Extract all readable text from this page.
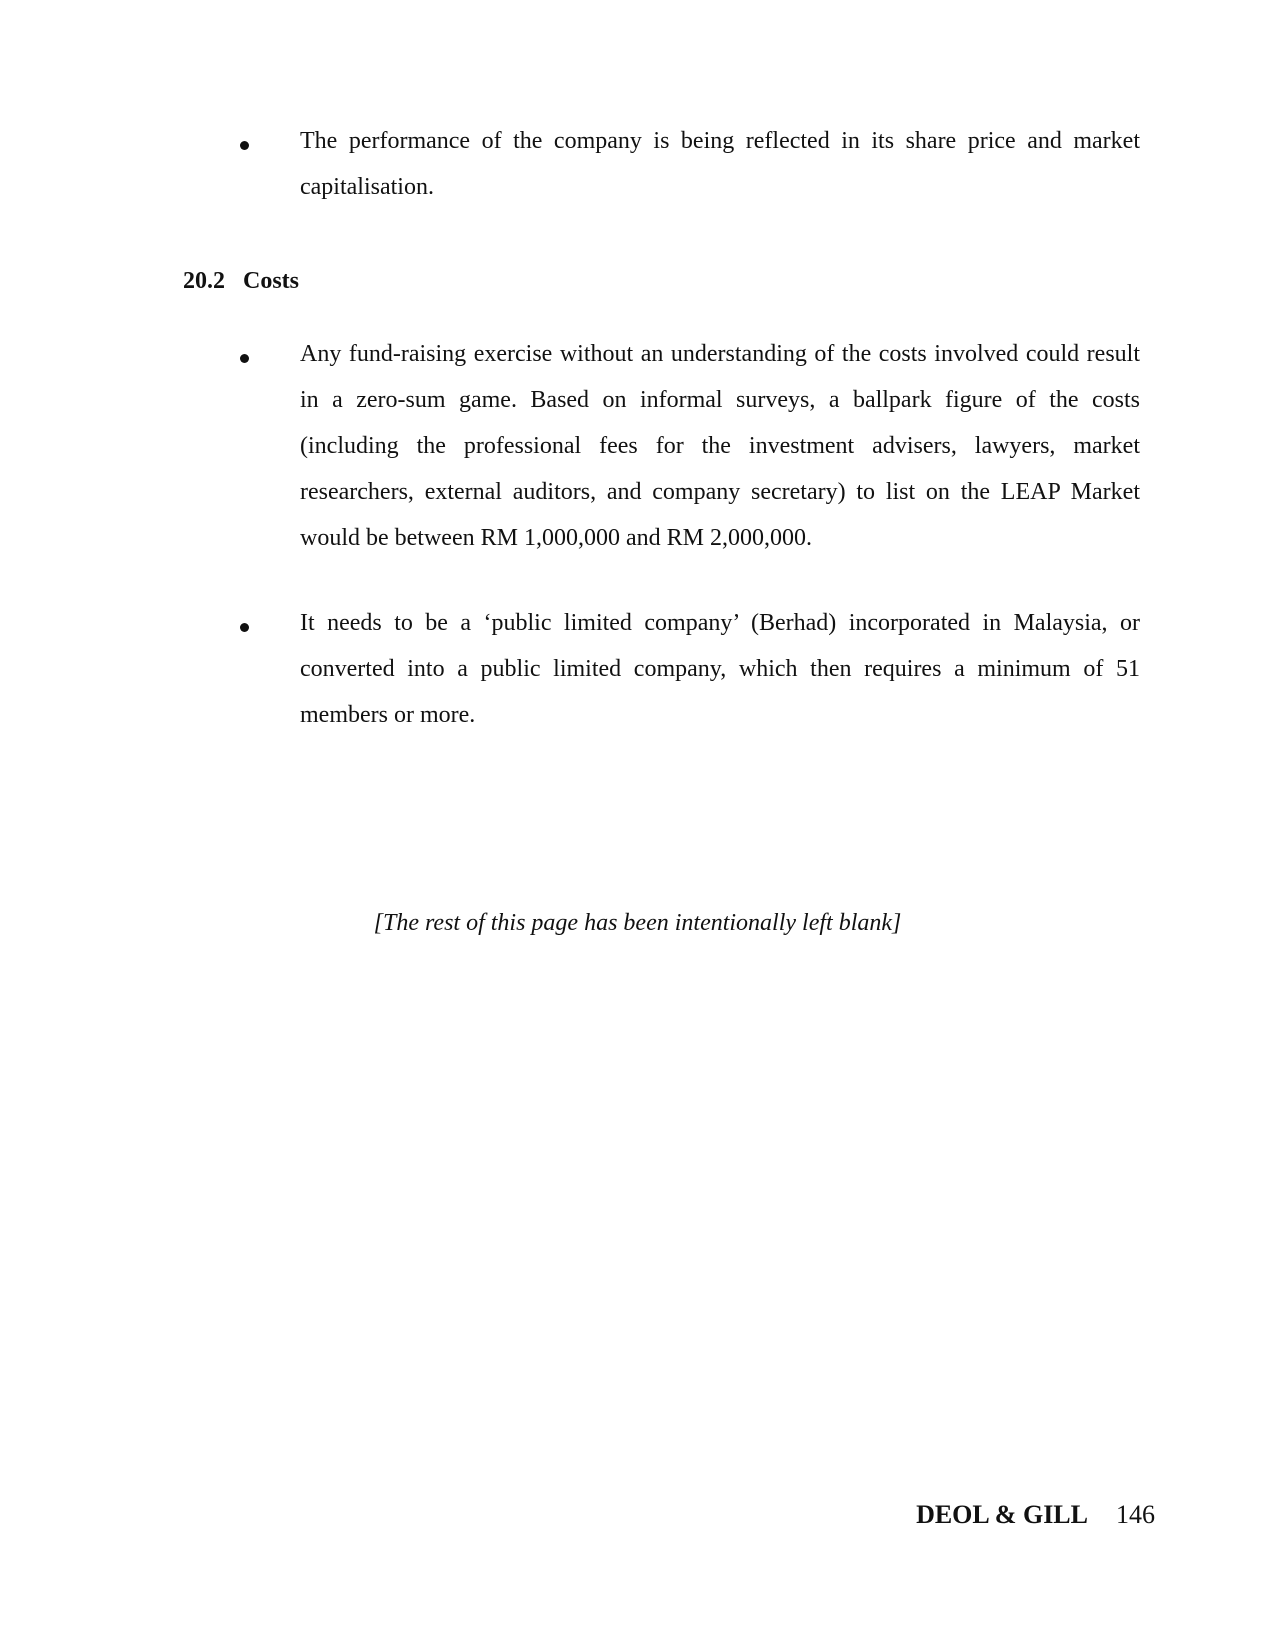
The performance of the company is being reflected in its share price and market capitalisation.

20.2 Costs

Any fund-raising exercise without an understanding of the costs involved could result in a zero-sum game. Based on informal surveys, a ballpark figure of the costs (including the professional fees for the investment advisers, lawyers, market researchers, external auditors, and company secretary) to list on the LEAP Market would be between RM 1,000,000 and RM 2,000,000.

It needs to be a ‘public limited company’ (Berhad) incorporated in Malaysia, or converted into a public limited company, which then requires a minimum of 51 members or more.

[The rest of this page has been intentionally left blank]

DEOL & GILL 146
